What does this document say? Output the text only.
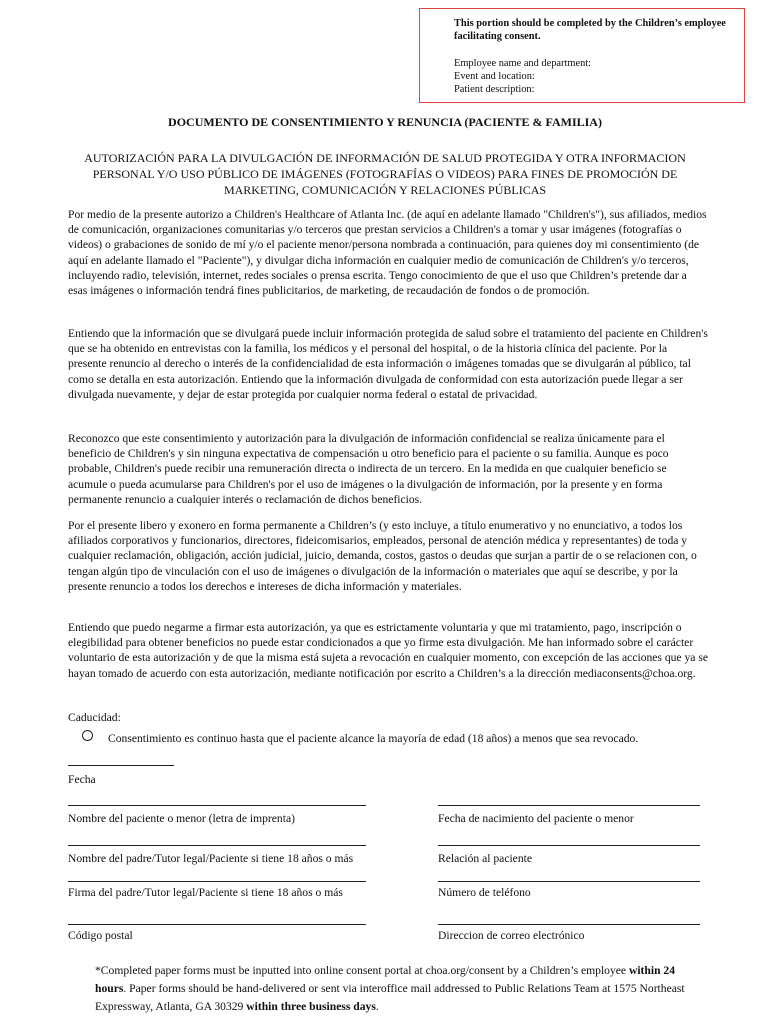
This portion should be completed by the Children’s employee facilitating consent.
Employee name and department:
Event and location:
Patient description:
DOCUMENTO DE CONSENTIMIENTO Y RENUNCIA (PACIENTE & FAMILIA)
AUTORIZACIÓN PARA LA DIVULGACIÓN DE INFORMACIÓN DE SALUD PROTEGIDA Y OTRA INFORMACION PERSONAL Y/O USO PÚBLICO DE IMÁGENES (FOTOGRAFÍAS O VIDEOS) PARA FINES DE PROMOCIÓN DE MARKETING, COMUNICACIÓN Y RELACIONES PÚBLICAS

Por medio de la presente autorizo a Children's Healthcare of Atlanta Inc. (de aquí en adelante llamado "Children's"), sus afiliados, medios de comunicación, organizaciones comunitarias y/o terceros que prestan servicios a Children's a tomar y usar imágenes (fotografías o videos) o grabaciones de sonido de mí y/o el paciente menor/persona nombrada a continuación, para quienes doy mi consentimiento (de aquí en adelante llamado el "Paciente"), y divulgar dicha información en cualquier medio de comunicación de Children's y/o terceros, incluyendo radio, televisión, internet, redes sociales o prensa escrita. Tengo conocimiento de que el uso que Children’s pretende dar a esas imágenes o información tendrá fines publicitarios, de marketing, de recaudación de fondos o de promoción.

Entiendo que la información que se divulgará puede incluir información protegida de salud sobre el tratamiento del paciente en Children's que se ha obtenido en entrevistas con la familia, los médicos y el personal del hospital, o de la historia clínica del paciente. Por la presente renuncio al derecho o interés de la confidencialidad de esta información o imágenes tomadas que se divulgarán al público, tal como se detalla en esta autorización. Entiendo que la información divulgada de conformidad con esta autorización puede llegar a ser divulgada nuevamente, y dejar de estar protegida por cualquier norma federal o estatal de privacidad.

Reconozco que este consentimiento y autorización para la divulgación de información confidencial se realiza únicamente para el beneficio de Children's y sin ninguna expectativa de compensación u otro beneficio para el paciente o su familia. Aunque es poco probable, Children's puede recibir una remuneración directa o indirecta de un tercero. En la medida en que cualquier beneficio se acumule o pueda acumularse para Children's por el uso de imágenes o la divulgación de información, por la presente y en forma permanente renuncio a cualquier interés o reclamación de dichos beneficios.

Por el presente libero y exonero en forma permanente a Children’s (y esto incluye, a título enumerativo y no enunciativo, a todos los afiliados corporativos y funcionarios, directores, fideicomisarios, empleados, personal de atención médica y representantes) de toda y cualquier reclamación, obligación, acción judicial, juicio, demanda, costos, gastos o deudas que surjan a partir de o se relacionen con, o tengan algún tipo de vinculación con el uso de imágenes o divulgación de la información o materiales que aquí se describe, y por la presente renuncio a todos los derechos e intereses de dicha información y materiales.

Entiendo que puedo negarme a firmar esta autorización, ya que es estrictamente voluntaria y que mi tratamiento, pago, inscripción o elegibilidad para obtener beneficios no puede estar condicionados a que yo firme esta divulgación. Me han informado sobre el carácter voluntario de esta autorización y de que la misma está sujeta a revocación en cualquier momento, con excepción de las acciones que ya se hayan tomado de acuerdo con esta autorización, mediante notificación por escrito a Children’s a la dirección mediaconsents@choa.org.

Caducidad:
Consentimiento es continuo hasta que el paciente alcance la mayoría de edad (18 años) a menos que sea revocado.
Fecha
Nombre del paciente o menor (letra de imprenta)	Fecha de nacimiento del paciente o menor
Nombre del padre/Tutor legal/Paciente si tiene 18 años o más	Relación al paciente
Firma del padre/Tutor legal/Paciente si tiene 18 años o más	Número de teléfono
Código postal	Direccion de correo electrónico
*Completed paper forms must be inputted into online consent portal at choa.org/consent by a Children’s employee within 24 hours. Paper forms should be hand-delivered or sent via interoffice mail addressed to Public Relations Team at 1575 Northeast Expressway, Atlanta, GA 30329 within three business days.
